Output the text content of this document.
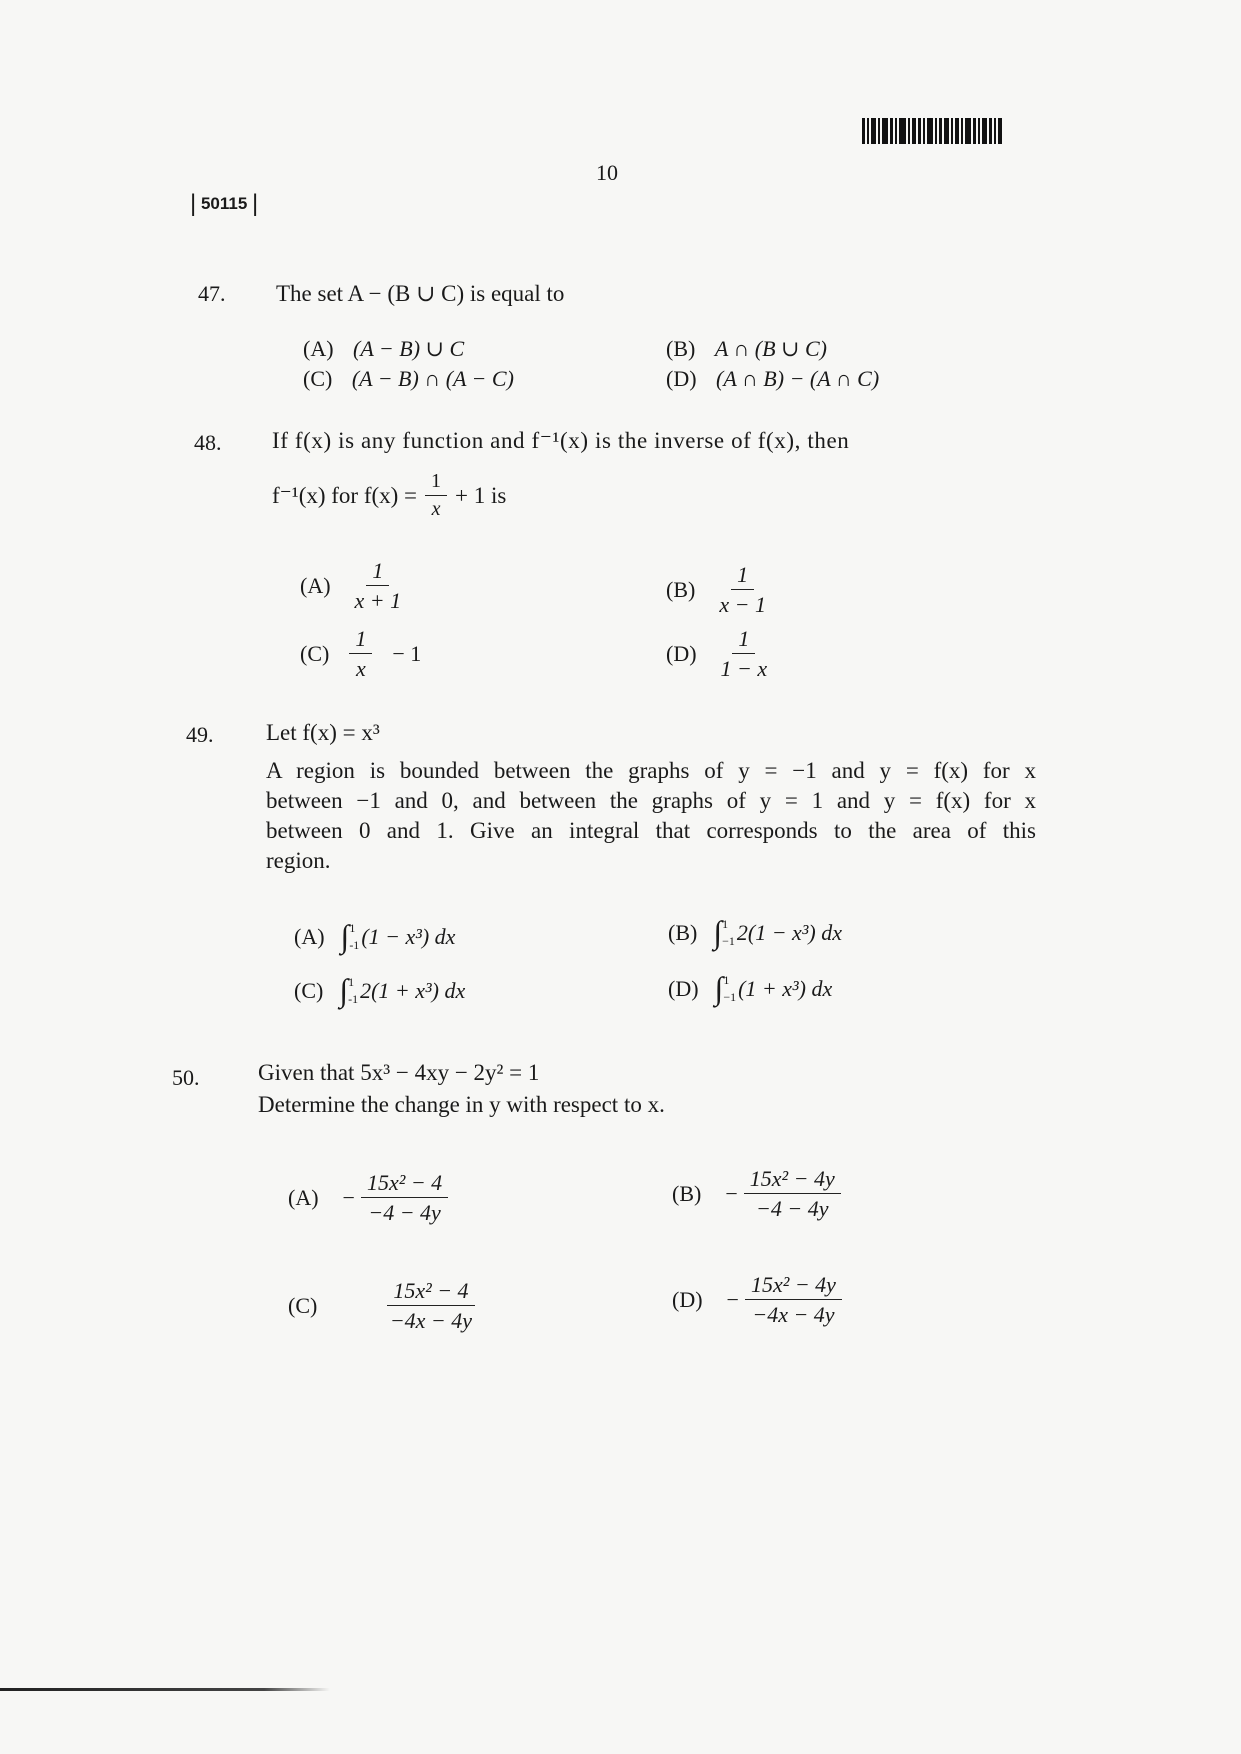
10
| 50115 |
47. The set A − (B ∪ C) is equal to
(A) (A − B) ∪ C	(B) A ∩ (B ∪ C)
(C) (A − B) ∩ (A − C)	(D) (A ∩ B) − (A ∩ C)
48. If f(x) is any function and f⁻¹(x) is the inverse of f(x), then
f⁻¹(x) for $f(x) = \frac{1}{x} + 1$ is
$(A) \frac{1}{x + 1}$	$(B) \frac{1}{x - 1}$
$(C) \frac{1}{x} - 1$	$(D) \frac{1}{1 - x}$
49. Let f(x) = x³
A region is bounded between the graphs of y = −1 and y = f(x) for x
between −1 and 0, and between the graphs of y = 1 and y = f(x) for x
between 0 and 1. Give an integral that corresponds to the area of this
region.
(A) ∫ 1
-1 (1 − x³) dx	(B) ∫ 1
−1 2(1 − x³) dx
(C) ∫ 1
-1 2(1 + x³) dx	(D) ∫ 1
−1 (1 + x³) dx
50.	Given that 5x³ − 4xy − 2y² = 1
Determine the change in y with respect to x.
$(A) - \frac{\text{15x² − 4}}{-4 - 4y}$	$(B) - \frac{\text{15x² − 4y}}{-4 - 4y}$
(C)	$\frac{\text{15x² − 4}}{-4x - 4y}$	$(D) - \frac{\text{15x² − 4y}}{-4x - 4y}$
